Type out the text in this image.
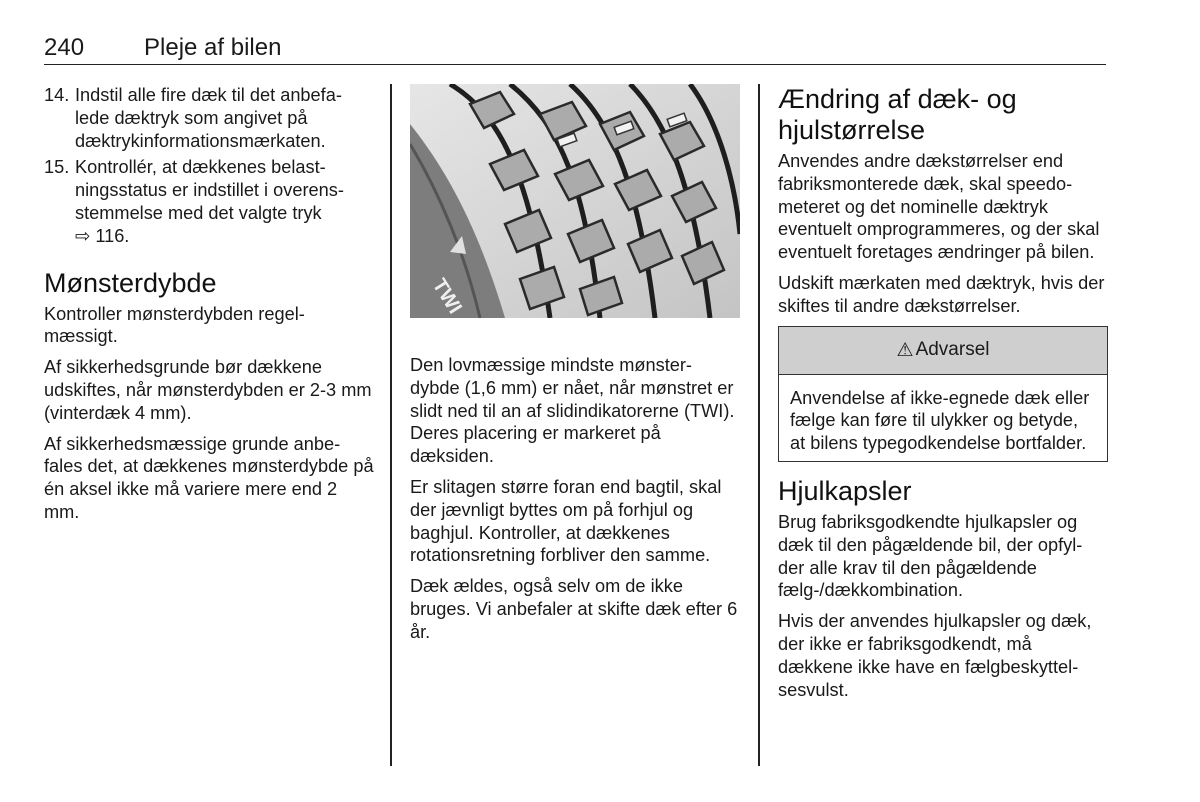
240 Pleje af bilen
14. Indstil alle fire dæk til det anbefa- lede dæktryk som angivet på dæktrykinformationsmærkaten.
15. Kontrollér, at dækkenes belast- ningsstatus er indstillet i overens- stemmelse med det valgte tryk
⇨ 116.
Mønsterdybde

Kontroller mønsterdybden regel- mæssigt.

Af sikkerhedsgrunde bør dækkene udskiftes, når mønsterdybden er 2-3 mm (vinterdæk 4 mm).

Af sikkerhedsmæssige grunde anbe- fales det, at dækkenes mønsterdybde på én aksel ikke må variere mere end 2 mm.

TWI

Den lovmæssige mindste mønster- dybde (1,6 mm) er nået, når mønstret er slidt ned til an af slidindikatorerne (TWI). Deres placering er markeret på dæksiden.

Er slitagen større foran end bagtil, skal der jævnligt byttes om på forhjul og baghjul. Kontroller, at dækkenes rotationsretning forbliver den samme.

Dæk ældes, også selv om de ikke bruges. Vi anbefaler at skifte dæk efter 6 år.

Ændring af dæk- og hjulstørrelse

Anvendes andre dækstørrelser end fabriksmonterede dæk, skal speedo- meteret og det nominelle dæktryk eventuelt omprogrammeres, og der skal eventuelt foretages ændringer på bilen.

Udskift mærkaten med dæktryk, hvis der skiftes til andre dækstørrelser.

⚠ Advarsel

Anvendelse af ikke-egnede dæk eller fælge kan føre til ulykker og betyde, at bilens typegodkendelse bortfalder.

Hjulkapsler

Brug fabriksgodkendte hjulkapsler og dæk til den pågældende bil, der opfyl- der alle krav til den pågældende fælg-/dækkombination.

Hvis der anvendes hjulkapsler og dæk, der ikke er fabriksgodkendt, må dækkene ikke have en fælgbeskyttel- sesvulst.
